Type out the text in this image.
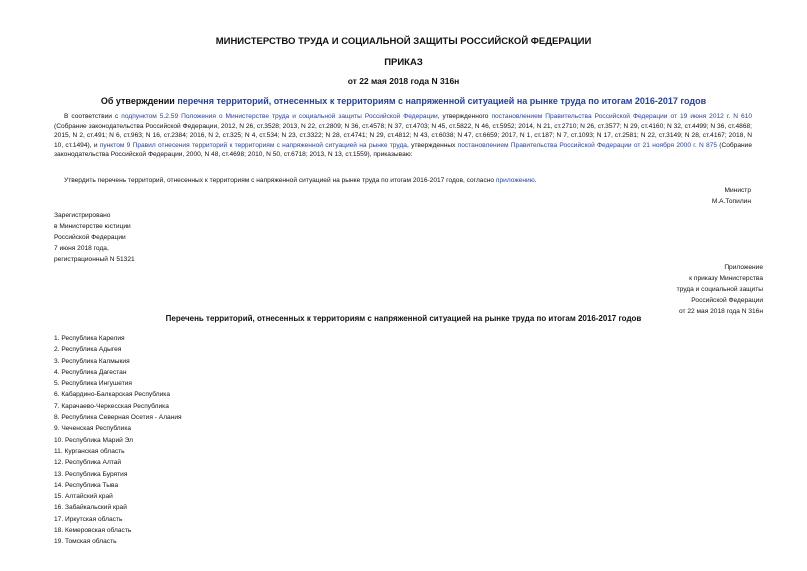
МИНИСТЕРСТВО ТРУДА И СОЦИАЛЬНОЙ ЗАЩИТЫ РОССИЙСКОЙ ФЕДЕРАЦИИ
ПРИКАЗ
от 22 мая 2018 года N 316н
Об утверждении перечня территорий, отнесенных к территориям с напряженной ситуацией на рынке труда по итогам 2016-2017 годов
В соответствии с подпунктом 5.2.59 Положения о Министерстве труда и социальной защиты Российской Федерации, утвержденного постановлением Правительства Российской Федерации от 19 июня 2012 г. N 610 (Собрание законодательства Российской Федерации, 2012, N 26, ст.3528; 2013, N 22, ст.2809; N 36, ст.4578; N 37, ст.4703; N 45, ст.5822, N 46, ст.5952; 2014, N 21, ст.2710; N 26, ст.3577; N 29, ст.4160; N 32, ст.4499; N 36, ст.4868; 2015, N 2, ст.491; N 6, ст.963; N 16, ст.2384; 2016, N 2, ст.325; N 4, ст.534; N 23, ст.3322; N 28, ст.4741; N 29, ст.4812; N 43, ст.6038; N 47, ст.6659; 2017, N 1, ст.187; N 7, ст.1093; N 17, ст.2581; N 22, ст.3149; N 28, ст.4167; 2018, N 10, ст.1494), и пунктом 9 Правил отнесения территорий к территориям с напряженной ситуацией на рынке труда, утвержденных постановлением Правительства Российской Федерации от 21 ноября 2000 г. N 875 (Собрание законодательства Российской Федерации, 2000, N 48, ст.4698; 2010, N 50, ст.6718; 2013, N 13, ст.1559), приказываю:
Утвердить перечень территорий, отнесенных к территориям с напряженной ситуацией на рынке труда по итогам 2016-2017 годов, согласно приложению.
Министр
М.А.Топилин
Зарегистрировано
в Министерстве юстиции
Российской Федерации
7 июня 2018 года,
регистрационный N 51321
Приложение
к приказу Министерства
труда и социальной защиты
Российской Федерации
от 22 мая 2018 года N 316н
Перечень территорий, отнесенных к территориям с напряженной ситуацией на рынке труда по итогам 2016-2017 годов
1. Республика Карелия
2. Республика Адыгея
3. Республика Калмыкия
4. Республика Дагестан
5. Республика Ингушетия
6. Кабардино-Балкарская Республика
7. Карачаево-Черкесская Республика
8. Республика Северная Осетия - Алания
9. Чеченская Республика
10. Республика Марий Эл
11. Курганская область
12. Республика Алтай
13. Республика Бурятия
14. Республика Тыва
15. Алтайский край
16. Забайкальский край
17. Иркутская область
18. Кемеровская область
19. Томская область
